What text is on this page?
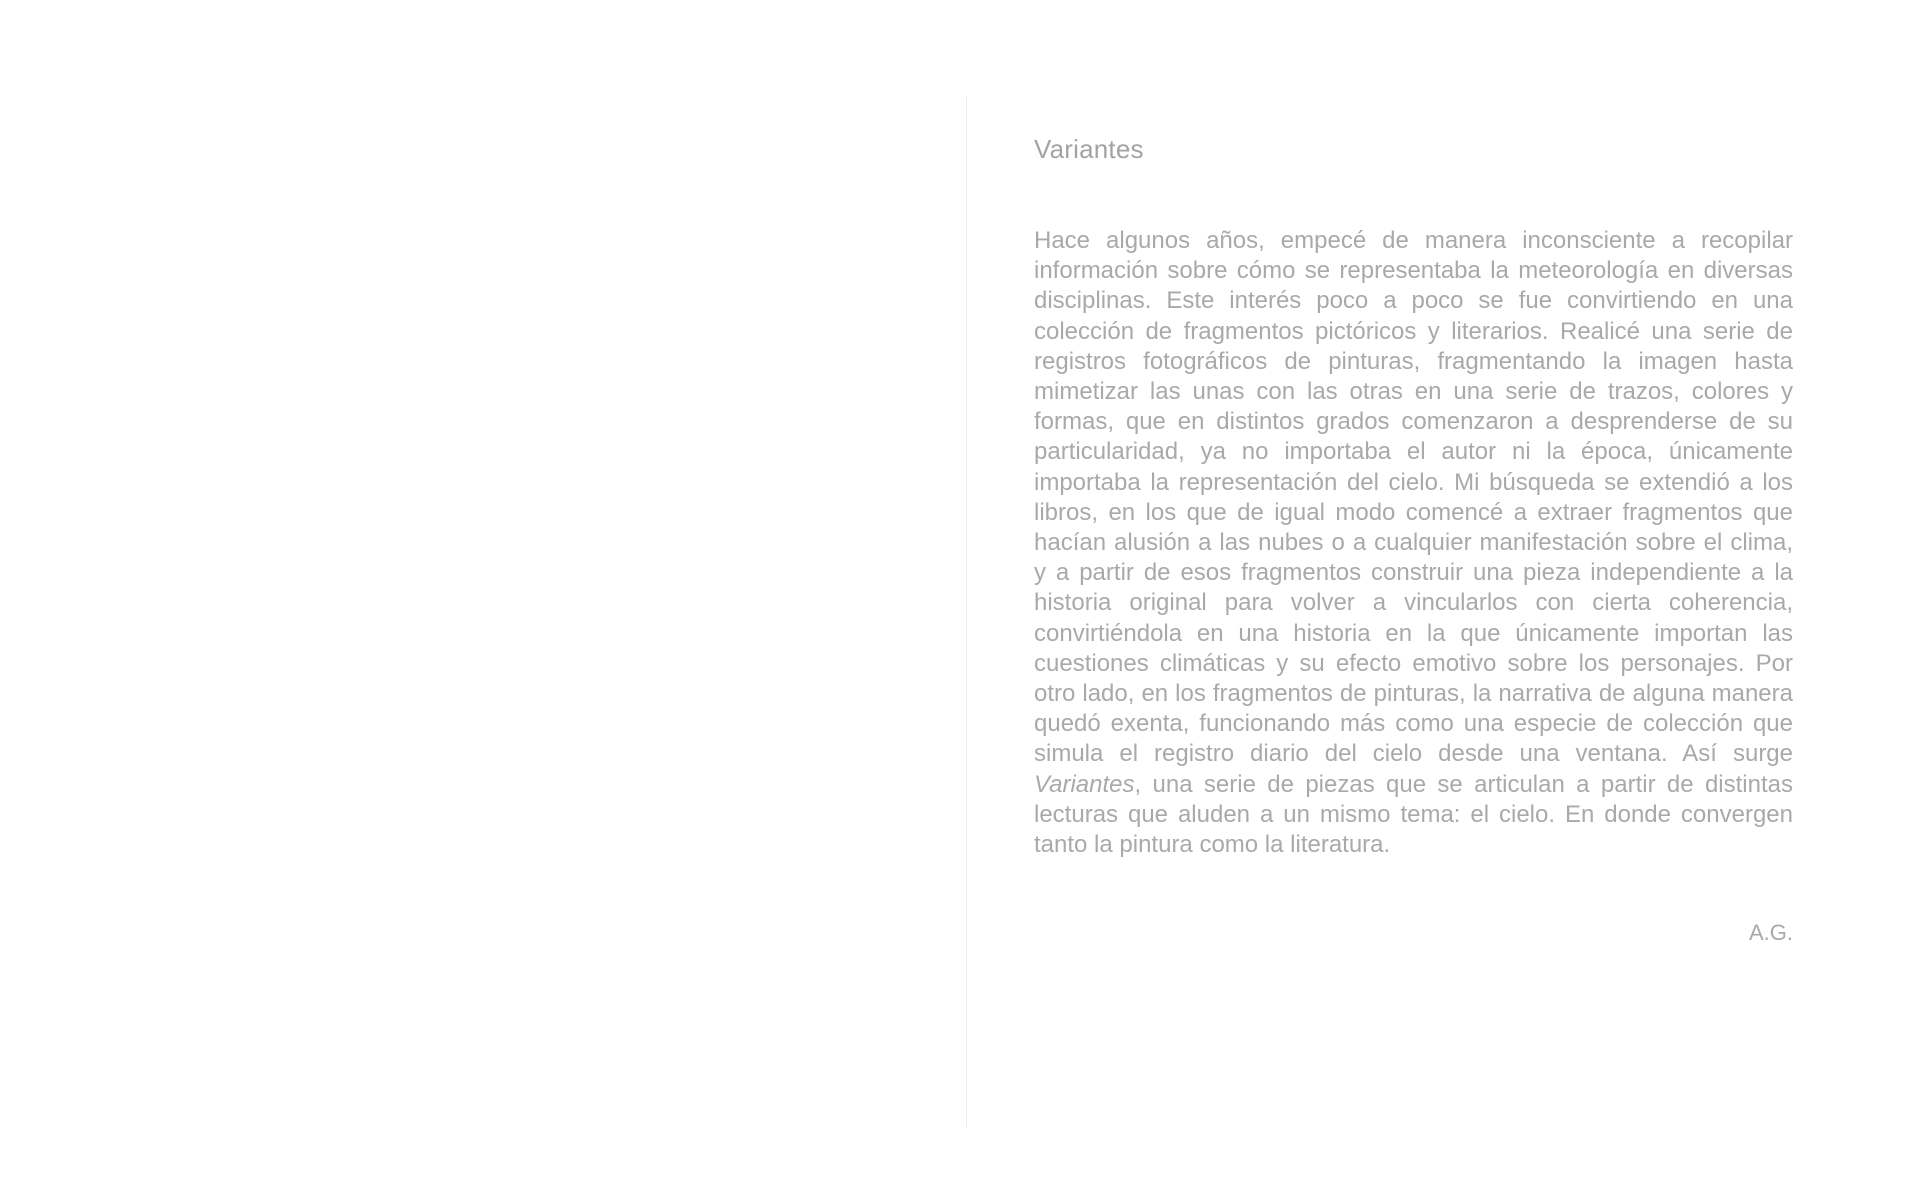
Variantes

Hace algunos años, empecé de manera inconsciente a recopilar información sobre cómo se representaba la meteorología en diversas disciplinas. Este interés poco a poco se fue convirtiendo en una colección de fragmentos pictóricos y literarios. Realicé una serie de registros fotográficos de pinturas, fragmentando la imagen hasta mimetizar las unas con las otras en una serie de trazos, colores y formas, que en distintos grados comenzaron a desprenderse de su particularidad, ya no importaba el autor ni la época, únicamente importaba la representación del cielo. Mi búsqueda se extendió a los libros, en los que de igual modo comencé a extraer fragmentos que hacían alusión a las nubes o a cualquier manifestación sobre el clima, y a partir de esos fragmentos construir una pieza independiente a la historia original para volver a vincularlos con cierta coherencia, convirtiéndola en una historia en la que únicamente importan las cuestiones climáticas y su efecto emotivo sobre los personajes. Por otro lado, en los fragmentos de pinturas, la narrativa de alguna manera quedó exenta, funcionando más como una especie de colección que simula el registro diario del cielo desde una ventana. Así surge Variantes, una serie de piezas que se articulan a partir de distintas lecturas que aluden a un mismo tema: el cielo. En donde convergen tanto la pintura como la literatura.

A.G.
